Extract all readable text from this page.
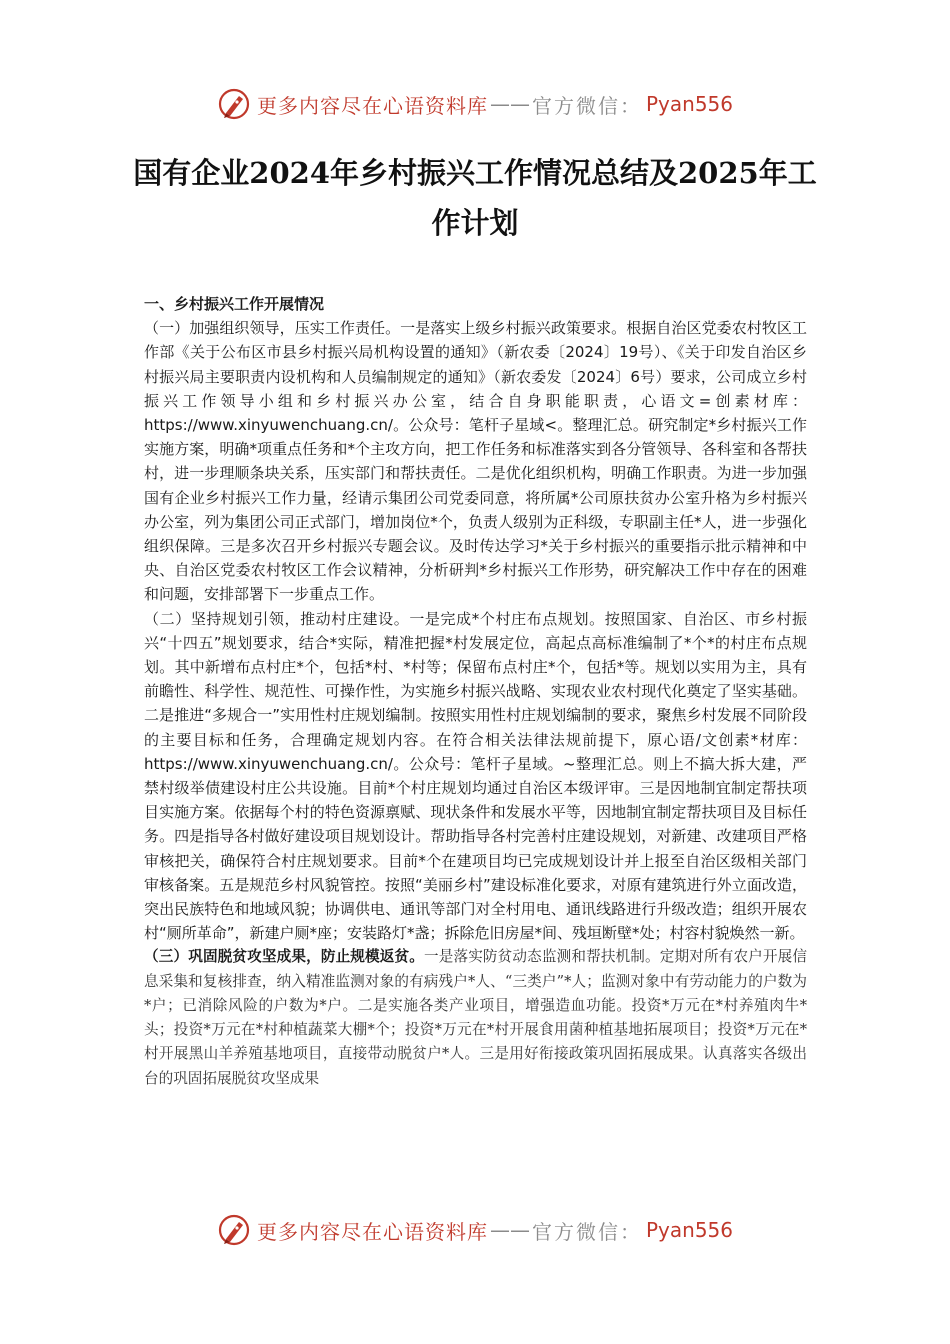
更多内容尽在心语资料库 —— 官方微信： Pyan556
国有企业2024年乡村振兴工作情况总结及2025年工作计划

一、乡村振兴工作开展情况

（一）加强组织领导，压实工作责任。一是落实上级乡村振兴政策要求。根据自治区党委农村牧区工作部《关于公布区市县乡村振兴局机构设置的通知》（新农委〔2024〕19号）、《关于印发自治区乡村振兴局主要职责内设机构和人员编制规定的通知》（新农委发〔2024〕6号）要求，公司成立乡村振兴工作领导小组和乡村振兴办公室，结合自身职能职责，心语文=创素材库：https://www.xinyuwenchuang.cn/。公众号：笔杆子星域<。整理汇总。研究制定*乡村振兴工作实施方案，明确*项重点任务和*个主攻方向，把工作任务和标准落实到各分管领导、各科室和各帮扶村，进一步理顺条块关系，压实部门和帮扶责任。二是优化组织机构，明确工作职责。为进一步加强国有企业乡村振兴工作力量，经请示集团公司党委同意，将所属*公司原扶贫办公室升格为乡村振兴办公室，列为集团公司正式部门，增加岗位*个，负责人级别为正科级，专职副主任*人，进一步强化组织保障。三是多次召开乡村振兴专题会议。及时传达学习*关于乡村振兴的重要指示批示精神和中央、自治区党委农村牧区工作会议精神，分析研判*乡村振兴工作形势，研究解决工作中存在的困难和问题，安排部署下一步重点工作。

（二）坚持规划引领，推动村庄建设。一是完成*个村庄布点规划。按照国家、自治区、市乡村振兴“十四五”规划要求，结合*实际，精准把握*村发展定位，高起点高标准编制了*个*的村庄布点规划。其中新增布点村庄*个，包括*村、*村等；保留布点村庄*个，包括*等。规划以实用为主，具有前瞻性、科学性、规范性、可操作性，为实施乡村振兴战略、实现农业农村现代化奠定了坚实基础。二是推进“多规合一”实用性村庄规划编制。按照实用性村庄规划编制的要求，聚焦乡村发展不同阶段的主要目标和任务，合理确定规划内容。在符合相关法律法规前提下，原心语/文创素*材库：https://www.xinyuwenchuang.cn/。公众号：笔杆子星域。~整理汇总。则上不搞大拆大建，严禁村级举债建设村庄公共设施。目前*个村庄规划均通过自治区本级评审。三是因地制宜制定帮扶项目实施方案。依据每个村的特色资源禀赋、现状条件和发展水平等，因地制宜制定帮扶项目及目标任务。四是指导各村做好建设项目规划设计。帮助指导各村完善村庄建设规划，对新建、改建项目严格审核把关，确保符合村庄规划要求。目前*个在建项目均已完成规划设计并上报至自治区级相关部门审核备案。五是规范乡村风貌管控。按照“美丽乡村”建设标准化要求，对原有建筑进行外立面改造，突出民族特色和地域风貌；协调供电、通讯等部门对全村用电、通讯线路进行升级改造；组织开展农村“厕所革命”，新建户厕*座；安装路灯*盏；拆除危旧房屋*间、残垣断壁*处；村容村貌焕然一新。

（三）巩固脱贫攻坚成果，防止规模返贫。一是落实防贫动态监测和帮扶机制。定期对所有农户开展信息采集和复核排查，纳入精准监测对象的有病残户*人、“三类户”*人；监测对象中有劳动能力的户数为*户；已消除风险的户数为*户。二是实施各类产业项目，增强造血功能。投资*万元在*村养殖肉牛*头；投资*万元在*村种植蔬菜大棚*个；投资*万元在*村开展食用菌种植基地拓展项目；投资*万元在*村开展黑山羊养殖基地项目，直接带动脱贫户*人。三是用好衔接政策巩固拓展成果。认真落实各级出台的巩固拓展脱贫攻坚成果

更多内容尽在心语资料库 —— 官方微信： Pyan556
